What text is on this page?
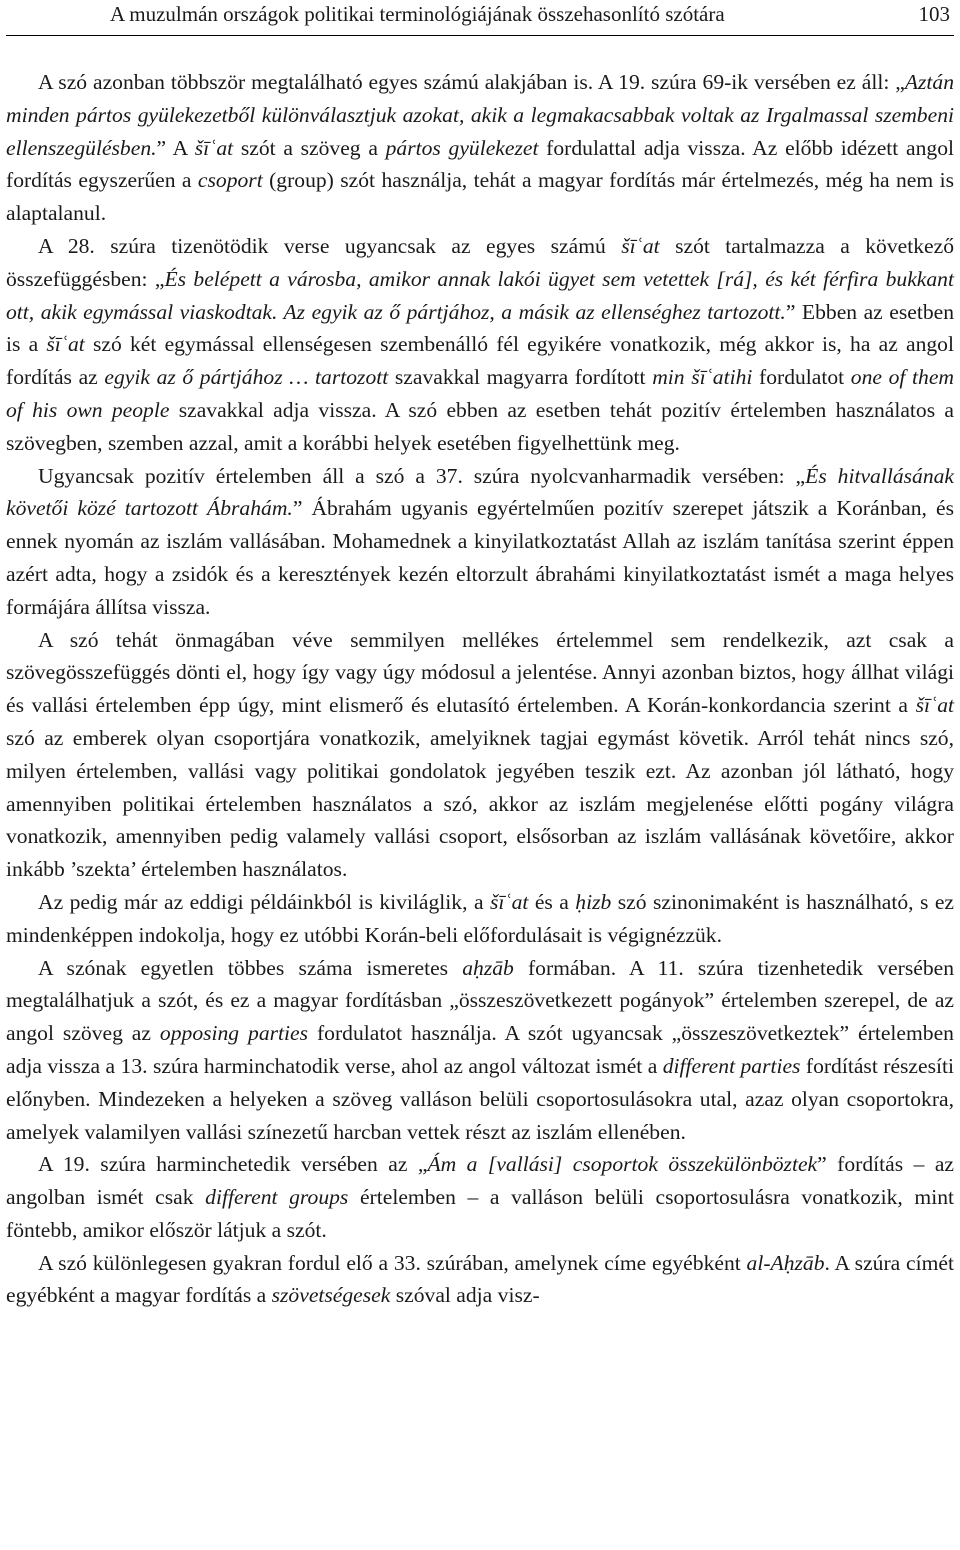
A muzulmán országok politikai terminológiájának összehasonlító szótára	103

A szó azonban többször megtalálható egyes számú alakjában is. A 19. szúra 69-ik versében ez áll: „Aztán minden pártos gyülekezetből különválasztjuk azokat, akik a legmakacsabbak voltak az Irgalmassal szembeni ellenszegülésben.” A šīʿat szót a szöveg a pártos gyülekezet fordulattal adja vissza. Az előbb idézett angol fordítás egyszerűen a csoport (group) szót használja, tehát a magyar fordítás már értelmezés, még ha nem is alaptalanul.

A 28. szúra tizenötödik verse ugyancsak az egyes számú šīʿat szót tartalmazza a következő összefüggésben: „És belépett a városba, amikor annak lakói ügyet sem vetettek [rá], és két férfira bukkant ott, akik egymással viaskodtak. Az egyik az ő pártjához, a másik az ellenséghez tartozott.” Ebben az esetben is a šīʿat szó két egymással ellenségesen szembenálló fél egyikére vonatkozik, még akkor is, ha az angol fordítás az egyik az ő pártjához … tartozott szavakkal magyarra fordított min šīʿatihi fordulatot one of them of his own people szavakkal adja vissza. A szó ebben az esetben tehát pozitív értelemben használatos a szövegben, szemben azzal, amit a korábbi helyek esetében figyelhettünk meg.

Ugyancsak pozitív értelemben áll a szó a 37. szúra nyolcvanharmadik versében: „És hitvallásának követői közé tartozott Ábrahám.” Ábrahám ugyanis egyértelműen pozitív szerepet játszik a Koránban, és ennek nyomán az iszlám vallásában. Mohamednek a kinyilatkoztatást Allah az iszlám tanítása szerint éppen azért adta, hogy a zsidók és a keresztények kezén eltorzult ábrahámi kinyilatkoztatást ismét a maga helyes formájára állítsa vissza.

A szó tehát önmagában véve semmilyen mellékes értelemmel sem rendelkezik, azt csak a szövegösszefüggés dönti el, hogy így vagy úgy módosul a jelentése. Annyi azonban biztos, hogy állhat világi és vallási értelemben épp úgy, mint elismerő és elutasító értelemben. A Korán-konkordancia szerint a šīʿat szó az emberek olyan csoportjára vonatkozik, amelyiknek tagjai egymást követik. Arról tehát nincs szó, milyen értelemben, vallási vagy politikai gondolatok jegyében teszik ezt. Az azonban jól látható, hogy amennyiben politikai értelemben használatos a szó, akkor az iszlám megjelenése előtti pogány világra vonatkozik, amennyiben pedig valamely vallási csoport, elsősorban az iszlám vallásának követőire, akkor inkább ’szekta’ értelemben használatos.

Az pedig már az eddigi példáinkból is kiviláglik, a šīʿat és a ḥizb szó szinonimaként is használható, s ez mindenképpen indokolja, hogy ez utóbbi Korán-beli előfordulásait is végignézzük.

A szónak egyetlen többes száma ismeretes aḥzāb formában. A 11. szúra tizenhetedik versében megtalálhatjuk a szót, és ez a magyar fordításban „összeszövetkezett pogányok” értelemben szerepel, de az angol szöveg az opposing parties fordulatot használja. A szót ugyancsak „összeszövetkeztek” értelemben adja vissza a 13. szúra harminchatodik verse, ahol az angol változat ismét a different parties fordítást részesíti előnyben. Mindezeken a helyeken a szöveg valláson belüli csoportosulásokra utal, azaz olyan csoportokra, amelyek valamilyen vallási színezetű harcban vettek részt az iszlám ellenében.

A 19. szúra harminchetedik versében az „Ám a [vallási] csoportok összekülönböztek” fordítás – az angolban ismét csak different groups értelemben – a valláson belüli csoportosulásra vonatkozik, mint föntebb, amikor először látjuk a szót.

A szó különlegesen gyakran fordul elő a 33. szúrában, amelynek címe egyébként al-Aḥzāb. A szúra címét egyébként a magyar fordítás a szövetségesek szóval adja visz-
